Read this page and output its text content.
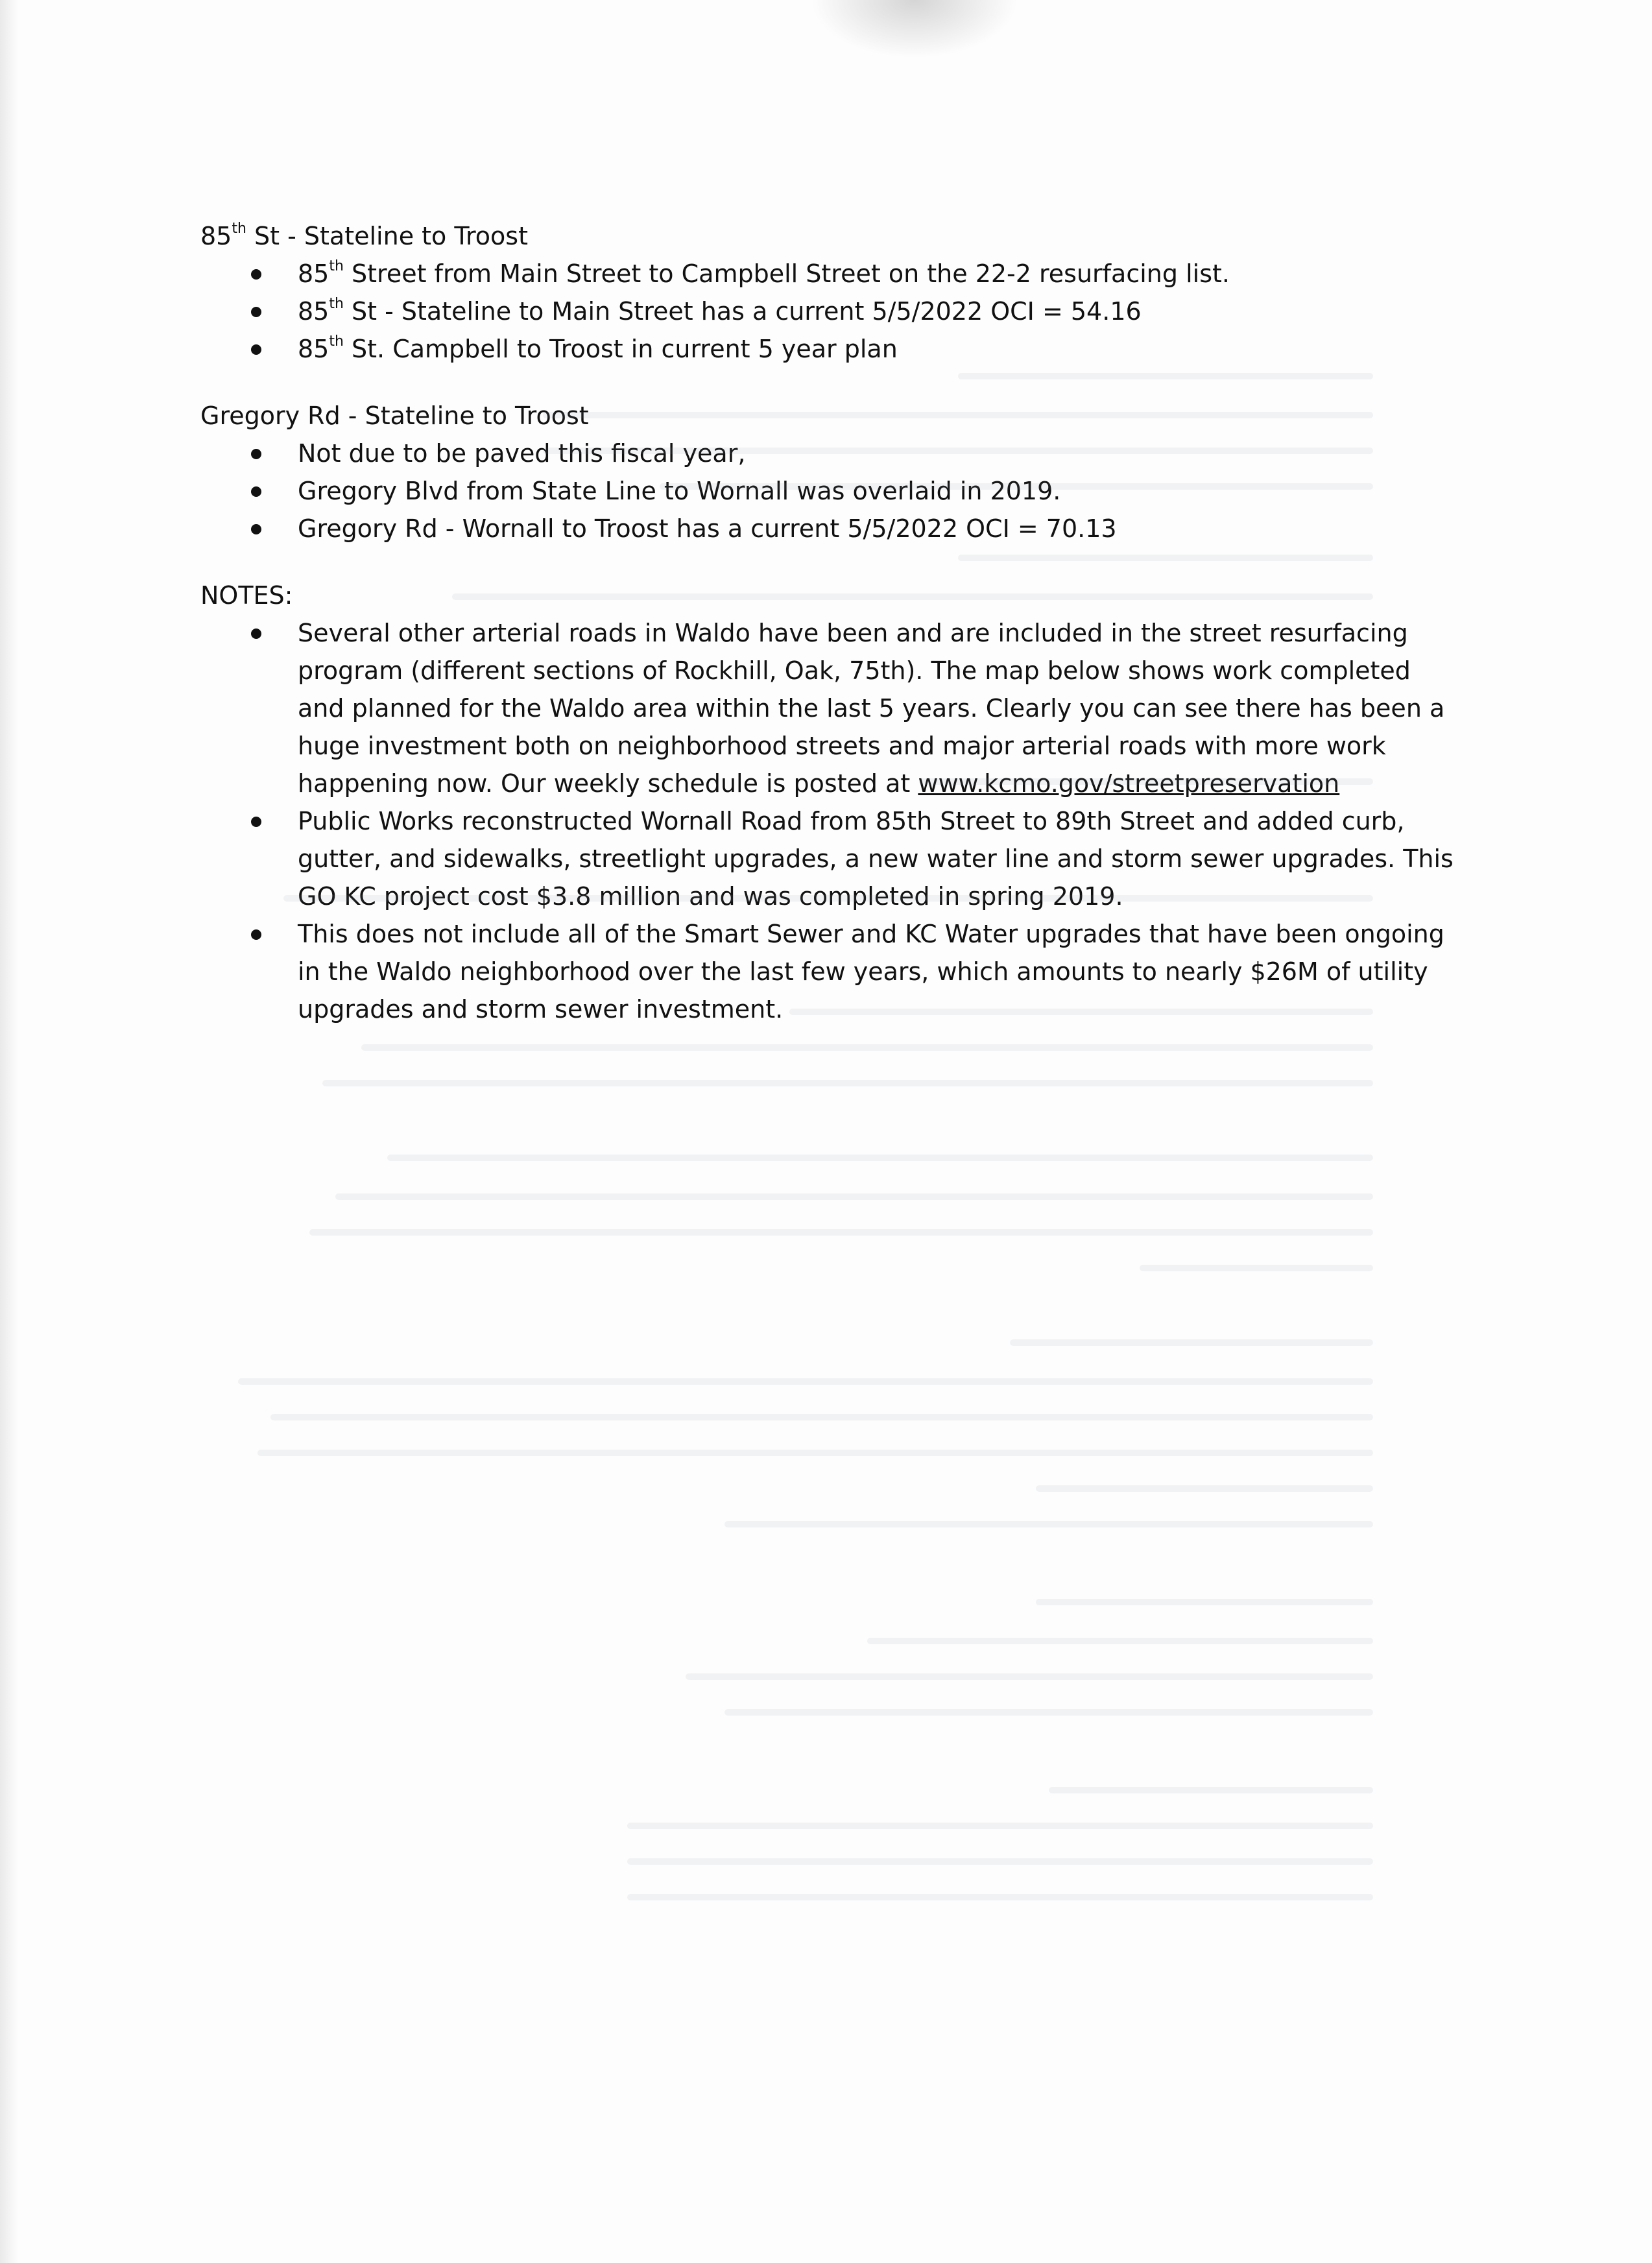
85th St - Stateline to Troost
85th Street from Main Street to Campbell Street on the 22-2 resurfacing list.
85th St - Stateline to Main Street has a current 5/5/2022 OCI = 54.16
85th St. Campbell to Troost in current 5 year plan
Gregory Rd - Stateline to Troost
Not due to be paved this fiscal year,
Gregory Blvd from State Line to Wornall was overlaid in 2019.
Gregory Rd - Wornall to Troost has a current 5/5/2022 OCI = 70.13
NOTES:
Several other arterial roads in Waldo have been and are included in the street resurfacing program (different sections of Rockhill, Oak, 75th). The map below shows work completed and planned for the Waldo area within the last 5 years. Clearly you can see there has been a huge investment both on neighborhood streets and major arterial roads with more work happening now. Our weekly schedule is posted at www.kcmo.gov/streetpreservation
Public Works reconstructed Wornall Road from 85th Street to 89th Street and added curb, gutter, and sidewalks, streetlight upgrades, a new water line and storm sewer upgrades. This GO KC project cost $3.8 million and was completed in spring 2019.
This does not include all of the Smart Sewer and KC Water upgrades that have been ongoing in the Waldo neighborhood over the last few years, which amounts to nearly $26M of utility upgrades and storm sewer investment.
